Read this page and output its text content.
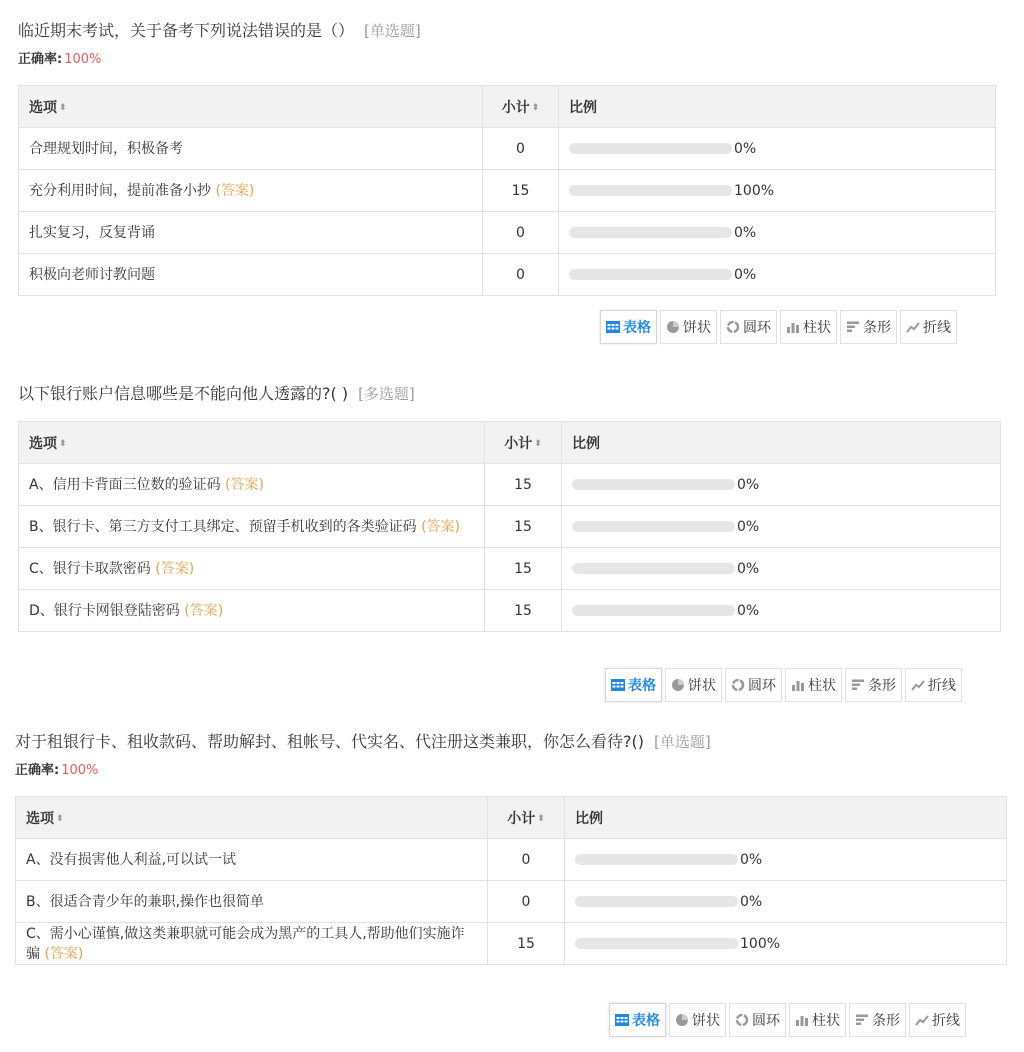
临近期末考试，关于备考下列说法错误的是（） [单选题]
正确率: 100%
选项 ⬍	小计 ⬍	比例
合理规划时间，积极备考	0	0%

充分利用时间，提前准备小抄 (答案)	15	100%

扎实复习，反复背诵	0	0%

积极向老师讨教问题	0	0%
表格 饼状 圆环 柱状 条形 折线
以下银行账户信息哪些是不能向他人透露的?( ) [多选题]
选项 ⬍	小计 ⬍	比例
A、信用卡背面三位数的验证码 (答案)	15	0%

B、银行卡、第三方支付工具绑定、预留手机收到的各类验证码 (答案)	15	0%

C、银行卡取款密码 (答案)	15	0%

D、银行卡网银登陆密码 (答案)	15	0%
表格 饼状 圆环 柱状 条形 折线
对于租银行卡、租收款码、帮助解封、租帐号、代实名、代注册这类兼职，你怎么看待?() [单选题]
正确率: 100%
选项 ⬍	小计 ⬍	比例
A、没有损害他人利益,可以试一试	0	0%

B、很适合青少年的兼职,操作也很简单	0	0%

C、需小心谨慎,做这类兼职就可能会成为黑产的工具人,帮助他们实施诈骗 (答案)	15	100%
表格 饼状 圆环 柱状 条形 折线
